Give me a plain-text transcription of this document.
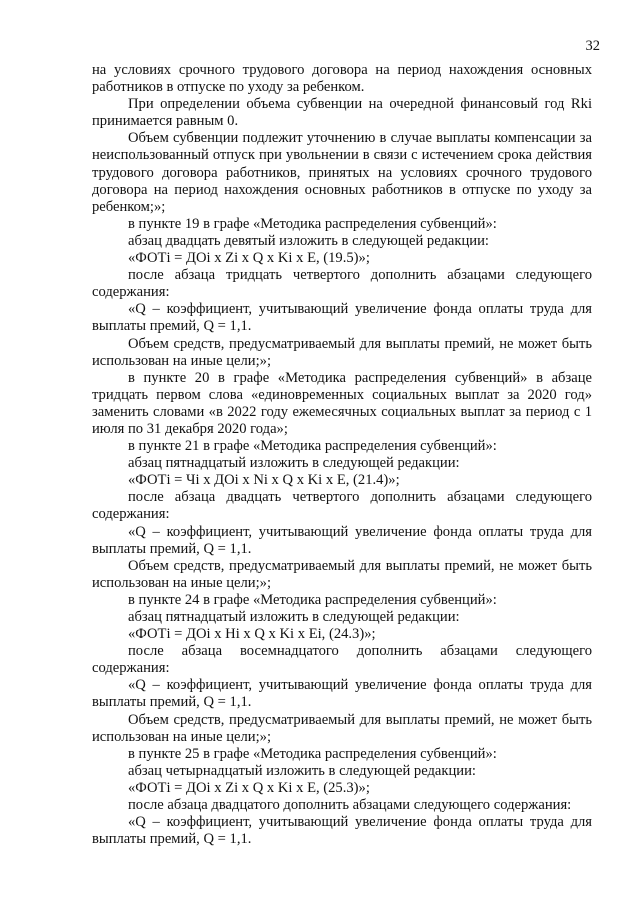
32

на условиях срочного трудового договора на период нахождения основных работников в отпуске по уходу за ребенком.

При определении объема субвенции на очередной финансовый год Rki принимается равным 0.

Объем субвенции подлежит уточнению в случае выплаты компенсации за неиспользованный отпуск при увольнении в связи с истечением срока действия трудового договора работников, принятых на условиях срочного трудового договора на период нахождения основных работников в отпуске по уходу за ребенком;»;

в пункте 19 в графе «Методика распределения субвенций»:

абзац двадцать девятый изложить в следующей редакции:

«ФОТi = ДОi x Zi x Q x Ki x E, (19.5)»;

после абзаца тридцать четвертого дополнить абзацами следующего содержания:

«Q – коэффициент, учитывающий увеличение фонда оплаты труда для выплаты премий, Q = 1,1.

Объем средств, предусматриваемый для выплаты премий, не может быть использован на иные цели;»;

в пункте 20 в графе «Методика распределения субвенций» в абзаце тридцать первом слова «единовременных социальных выплат за 2020 год» заменить словами «в 2022 году ежемесячных социальных выплат за период с 1 июля по 31 декабря 2020 года»;

в пункте 21 в графе «Методика распределения субвенций»:

абзац пятнадцатый изложить в следующей редакции:

«ФОТi = Чi x ДОi x Ni x Q x Ki x E, (21.4)»;

после абзаца двадцать четвертого дополнить абзацами следующего содержания:

«Q – коэффициент, учитывающий увеличение фонда оплаты труда для выплаты премий, Q = 1,1.

Объем средств, предусматриваемый для выплаты премий, не может быть использован на иные цели;»;

в пункте 24 в графе «Методика распределения субвенций»:

абзац пятнадцатый изложить в следующей редакции:

«ФОТi = ДОi x Hi x Q x Ki x Ei, (24.3)»;

после абзаца восемнадцатого дополнить абзацами следующего содержания:

«Q – коэффициент, учитывающий увеличение фонда оплаты труда для выплаты премий, Q = 1,1.

Объем средств, предусматриваемый для выплаты премий, не может быть использован на иные цели;»;

в пункте 25 в графе «Методика распределения субвенций»:

абзац четырнадцатый изложить в следующей редакции:

«ФОТi = ДОi x Zi x Q x Ki x E, (25.3)»;

после абзаца двадцатого дополнить абзацами следующего содержания:

«Q – коэффициент, учитывающий увеличение фонда оплаты труда для выплаты премий, Q = 1,1.
